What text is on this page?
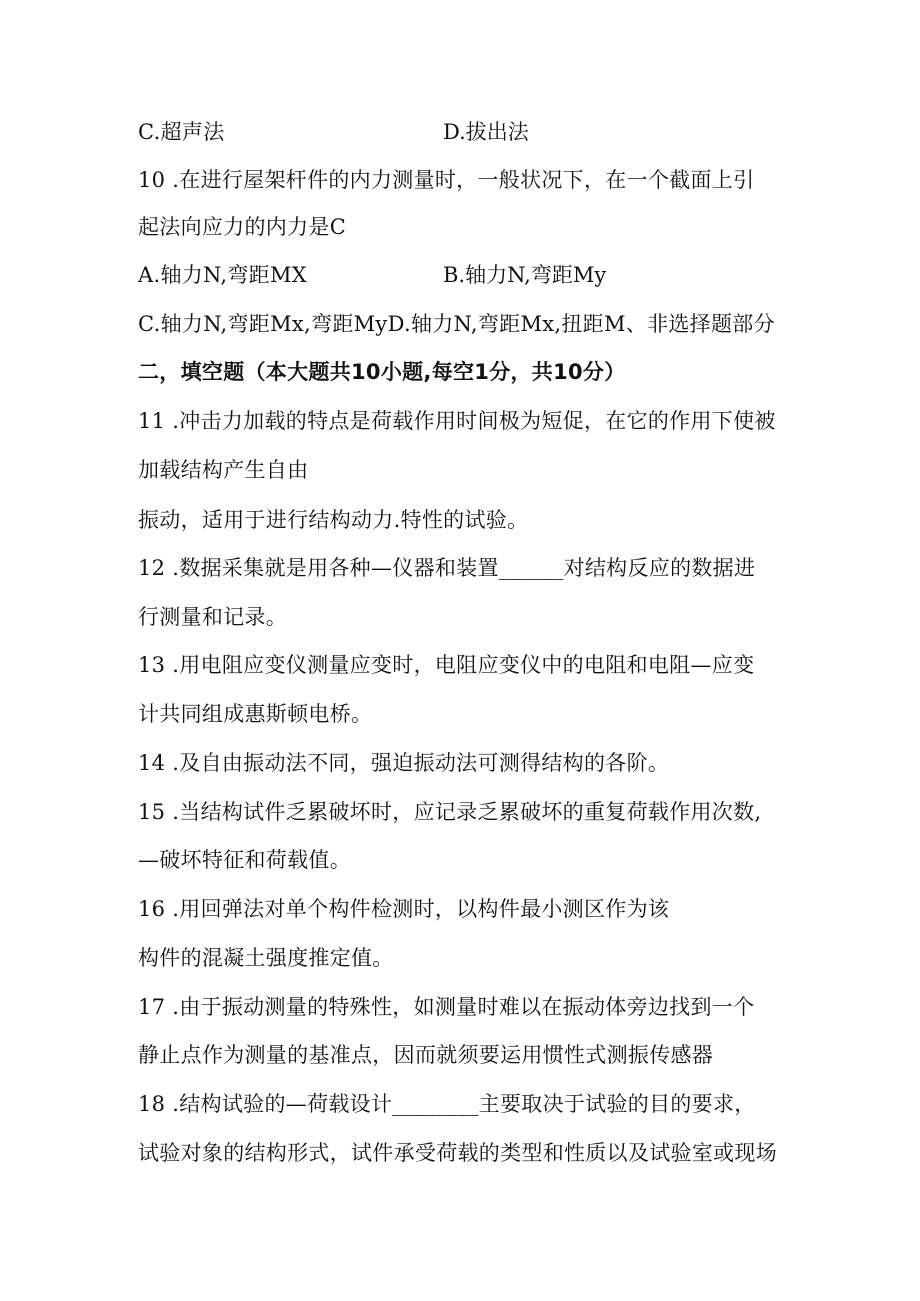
C.超声法	D.拔出法
10 .在进行屋架杆件的内力测量时，一般状况下，在一个截面上引
起法向应力的内力是C
A.轴力N,弯距MX	B.轴力N,弯距My
C.轴力N,弯距Mx,弯距MyD.轴力N,弯距Mx,扭距M、非选择题部分
二，填空题（本大题共10小题,每空1分，共10分）
11 .冲击力加载的特点是荷载作用时间极为短促，在它的作用下使被
加载结构产生自由
振动，适用于进行结构动力.特性的试验。
12 .数据采集就是用各种—仪器和装置______对结构反应的数据进
行测量和记录。
13 .用电阻应变仪测量应变时，电阻应变仪中的电阻和电阻—应变
计共同组成惠斯顿电桥。
14 .及自由振动法不同，强迫振动法可测得结构的各阶。
15 .当结构试件乏累破坏时，应记录乏累破坏的重复荷载作用次数,
—破坏特征和荷载值。
16 .用回弹法对单个构件检测时，以构件最小测区作为该
构件的混凝土强度推定值。
17 .由于振动测量的特殊性，如测量时难以在振动体旁边找到一个
静止点作为测量的基准点，因而就须要运用惯性式测振传感器
18 .结构试验的—荷载设计________主要取决于试验的目的要求，
试验对象的结构形式，试件承受荷载的类型和性质以及试验室或现场
